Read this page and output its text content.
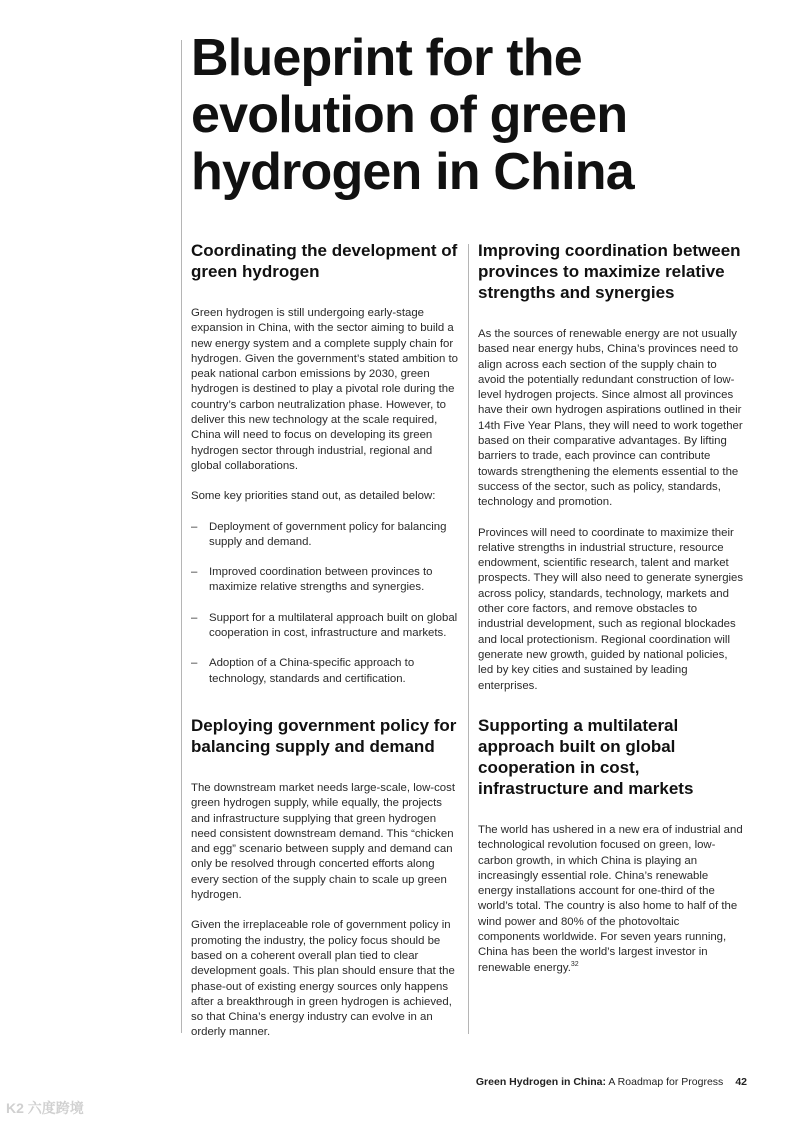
Blueprint for the evolution of green hydrogen in China
Coordinating the development of green hydrogen

Green hydrogen is still undergoing early-stage expansion in China, with the sector aiming to build a new energy system and a complete supply chain for hydrogen. Given the government’s stated ambition to peak national carbon emissions by 2030, green hydrogen is destined to play a pivotal role during the country’s carbon neutralization phase. However, to deliver this new technology at the scale required, China will need to focus on developing its green hydrogen sector through industrial, regional and global collaborations.

Some key priorities stand out, as detailed below:

– Deployment of government policy for balancing supply and demand.
– Improved coordination between provinces to maximize relative strengths and synergies.
– Support for a multilateral approach built on global cooperation in cost, infrastructure and markets.
– Adoption of a China-specific approach to technology, standards and certification.
Deploying government policy for balancing supply and demand

The downstream market needs large-scale, low-cost green hydrogen supply, while equally, the projects and infrastructure supplying that green hydrogen need consistent downstream demand. This “chicken and egg” scenario between supply and demand can only be resolved through concerted efforts along every section of the supply chain to scale up green hydrogen.

Given the irreplaceable role of government policy in promoting the industry, the policy focus should be based on a coherent overall plan tied to clear development goals. This plan should ensure that the phase-out of existing energy sources only happens after a breakthrough in green hydrogen is achieved, so that China’s energy industry can evolve in an orderly manner.

Improving coordination between provinces to maximize relative strengths and synergies

As the sources of renewable energy are not usually based near energy hubs, China’s provinces need to align across each section of the supply chain to avoid the potentially redundant construction of low-level hydrogen projects. Since almost all provinces have their own hydrogen aspirations outlined in their 14th Five Year Plans, they will need to work together based on their comparative advantages. By lifting barriers to trade, each province can contribute towards strengthening the elements essential to the success of the sector, such as policy, standards, technology and promotion.

Provinces will need to coordinate to maximize their relative strengths in industrial structure, resource endowment, scientific research, talent and market prospects. They will also need to generate synergies across policy, standards, technology, markets and other core factors, and remove obstacles to industrial development, such as regional blockades and local protectionism. Regional coordination will generate new growth, guided by national policies, led by key cities and sustained by leading enterprises.

Supporting a multilateral approach built on global cooperation in cost, infrastructure and markets

The world has ushered in a new era of industrial and technological revolution focused on green, low-carbon growth, in which China is playing an increasingly essential role. China’s renewable energy installations account for one-third of the world’s total. The country is also home to half of the wind power and 80% of the photovoltaic components worldwide. For seven years running, China has been the world’s largest investor in renewable energy.$^{32}$

Green Hydrogen in China: A Roadmap for Progress 42
K2 六度跨境
